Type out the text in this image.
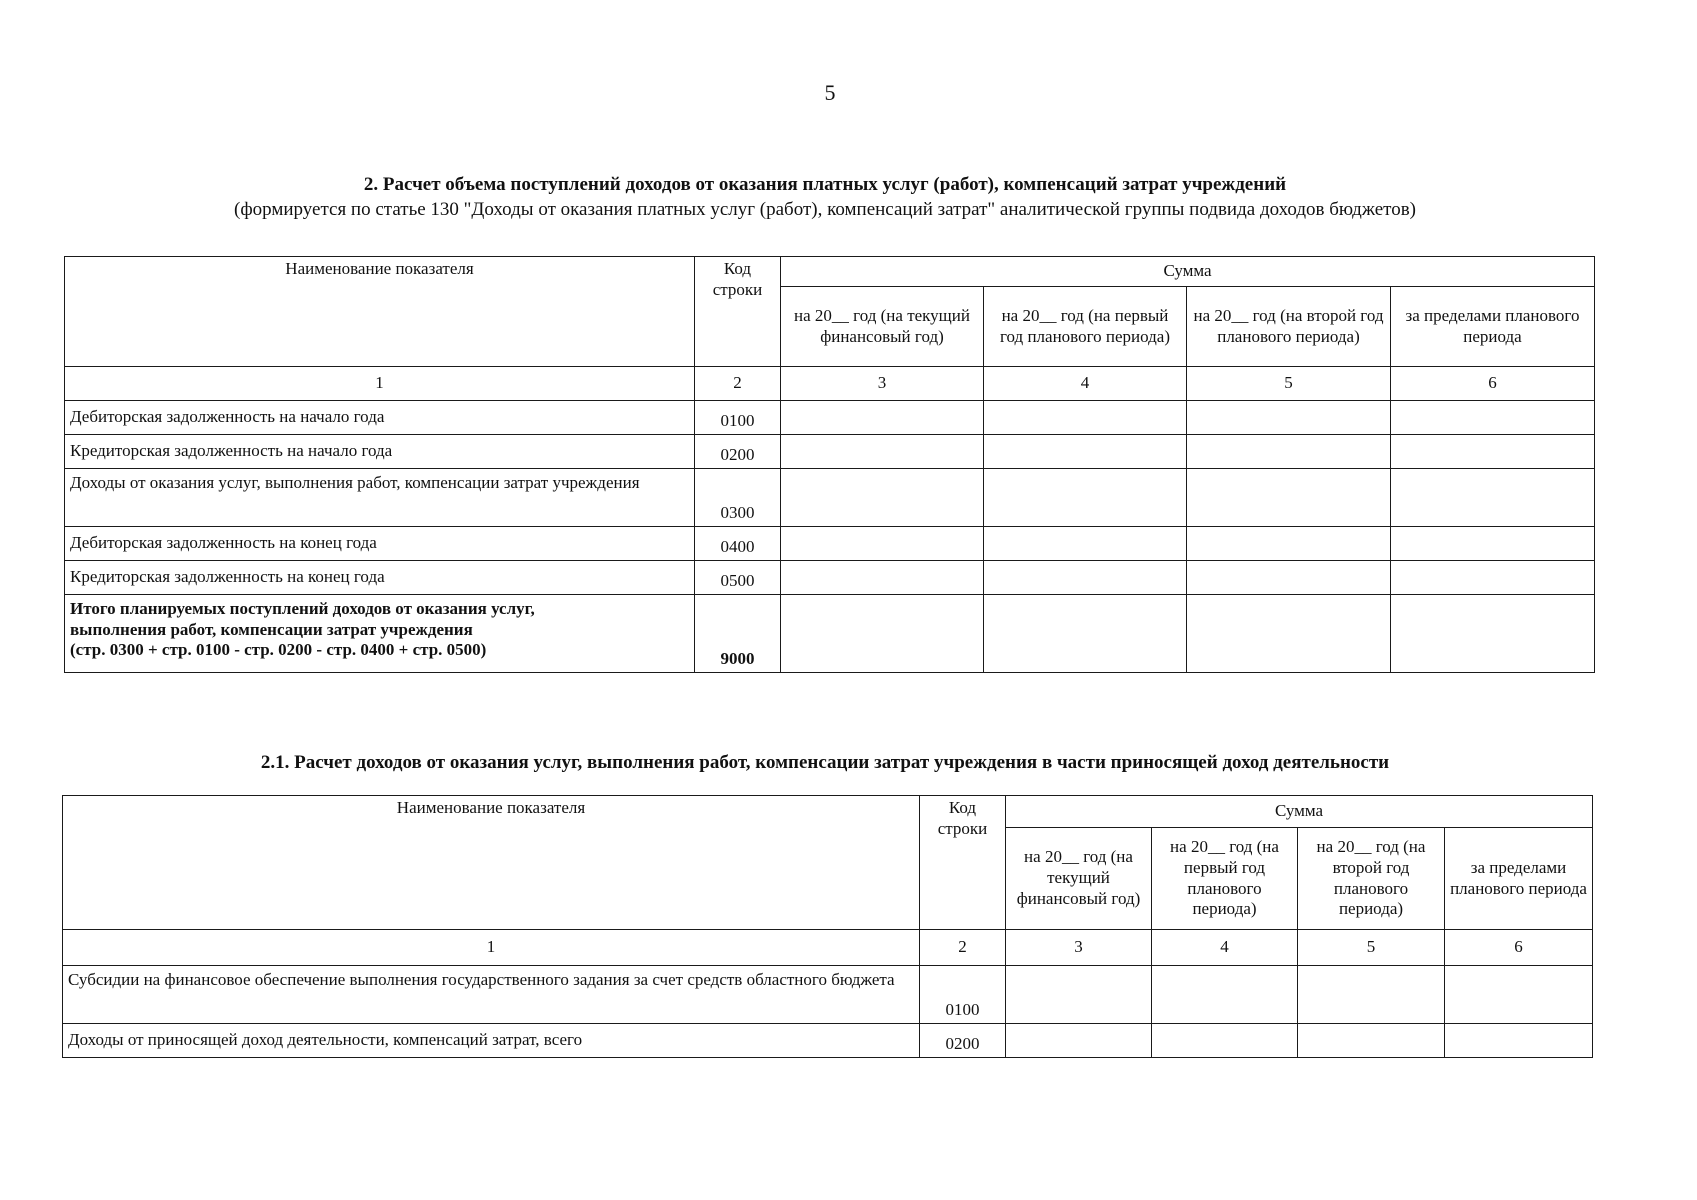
5
2. Расчет объема поступлений доходов от оказания платных услуг (работ), компенсаций затрат учреждений
(формируется по статье 130 "Доходы от оказания платных услуг (работ), компенсаций затрат" аналитической группы подвида доходов бюджетов)
Наименование показателя	Код строки	Сумма			
		на 20__ год (на текущий финансовый год)	на 20__ год (на первый год планового периода)	на 20__ год (на второй год планового периода)	за пределами планового периода
1	2	3	4	5	6
Дебиторская задолженность на начало года	0100				
Кредиторская задолженность на начало года	0200				
Доходы от оказания услуг, выполнения работ, компенсации затрат учреждения	0300				
Дебиторская задолженность на конец года	0400				
Кредиторская задолженность на конец года	0500				

Итого планируемых поступлений доходов от оказания услуг,
выполнения работ, компенсации затрат учреждения
(стр. 0300 + стр. 0100 - стр. 0200 - стр. 0400 + стр. 0500)	9000				
2.1. Расчет доходов от оказания услуг, выполнения работ, компенсации затрат учреждения в части приносящей доход деятельности
Наименование показателя	Код строки	Сумма			
		на 20__ год (на текущий финансовый год)	на 20__ год (на первый год планового периода)	на 20__ год (на второй год планового периода)	за пределами планового периода
1	2	3	4	5	6
Субсидии на финансовое обеспечение выполнения государственного задания за счет средств областного бюджета	0100				
Доходы от приносящей доход деятельности, компенсаций затрат, всего	0200				
